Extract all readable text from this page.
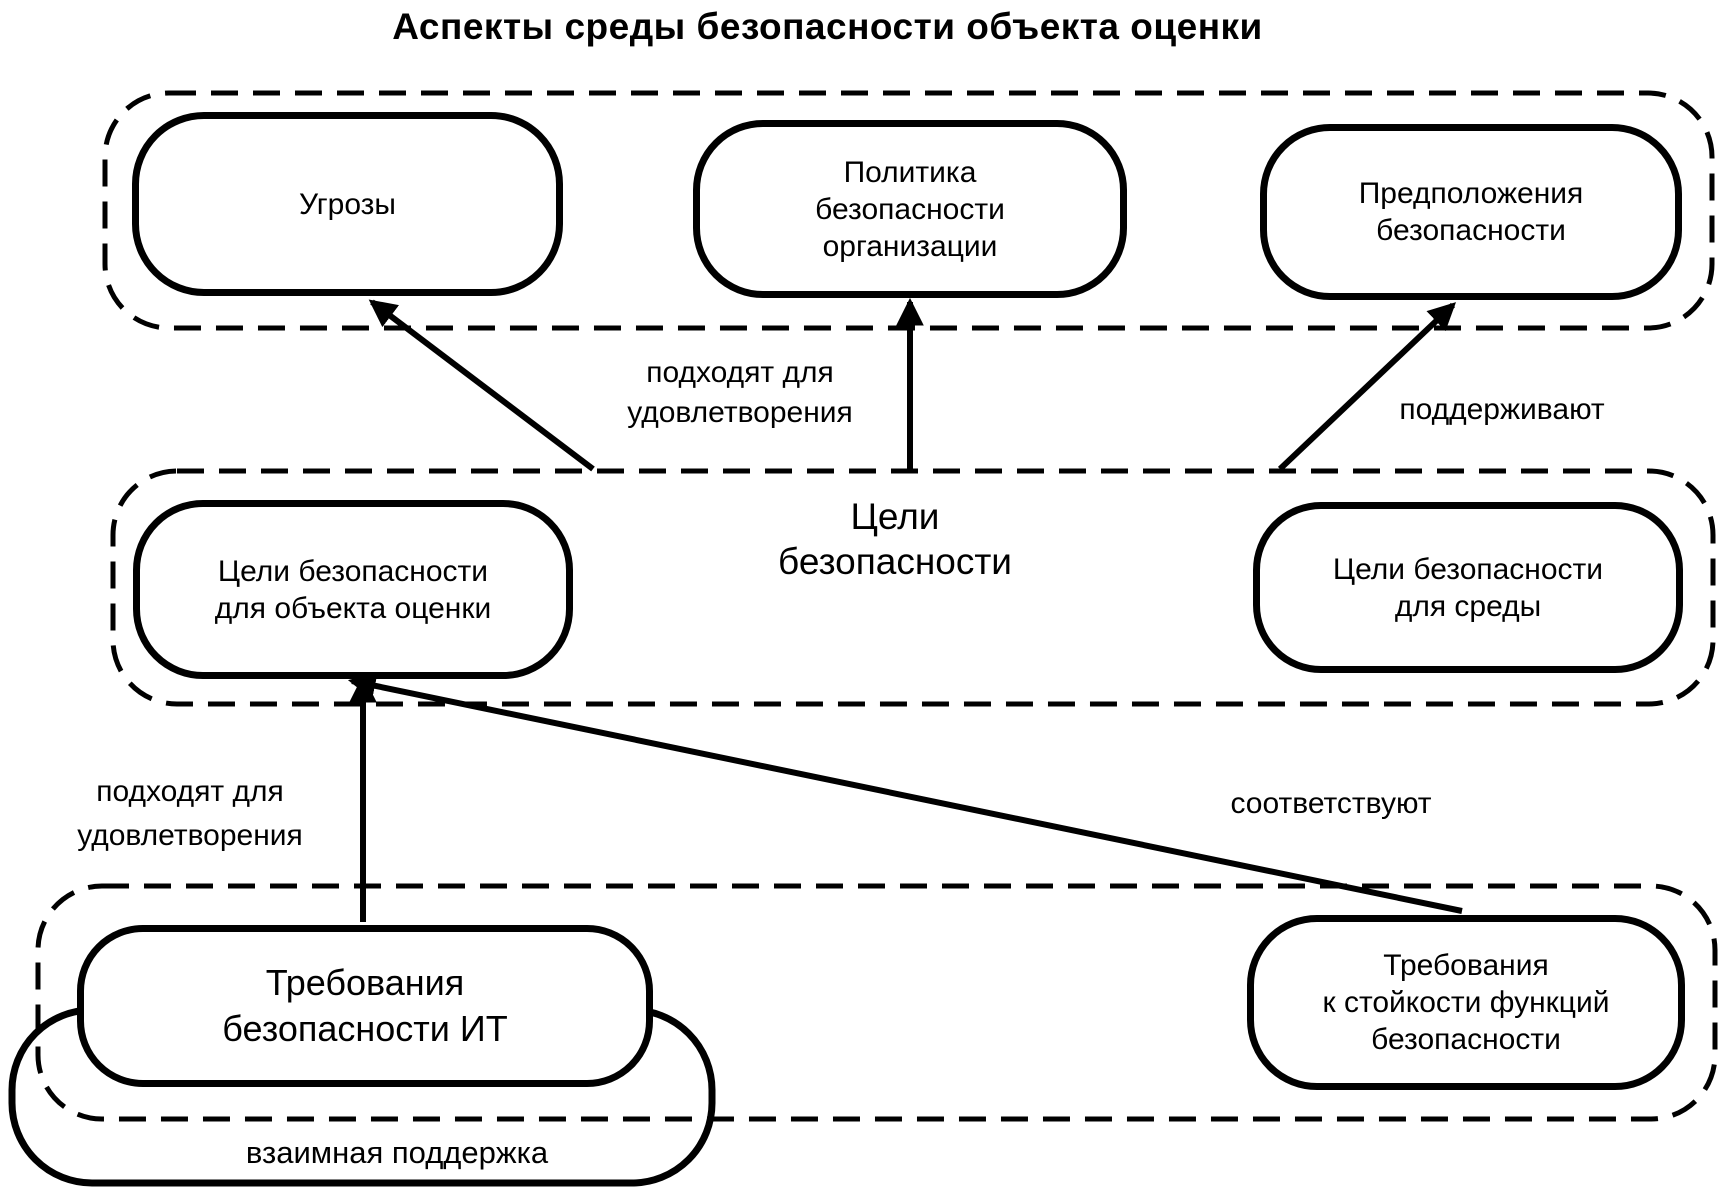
Аспекты среды безопасности объекта оценки
Угрозы
Политика
безопасности
организации
Предположения
безопасности
Цели
безопасности
Цели безопасности
для объекта оценки
Цели безопасности
для среды
Требования
безопасности ИТ
Требования
к стойкости функций
безопасности
взаимная поддержка
подходят для
удовлетворения	поддерживают
подходят для
удовлетворения
соответствуют
